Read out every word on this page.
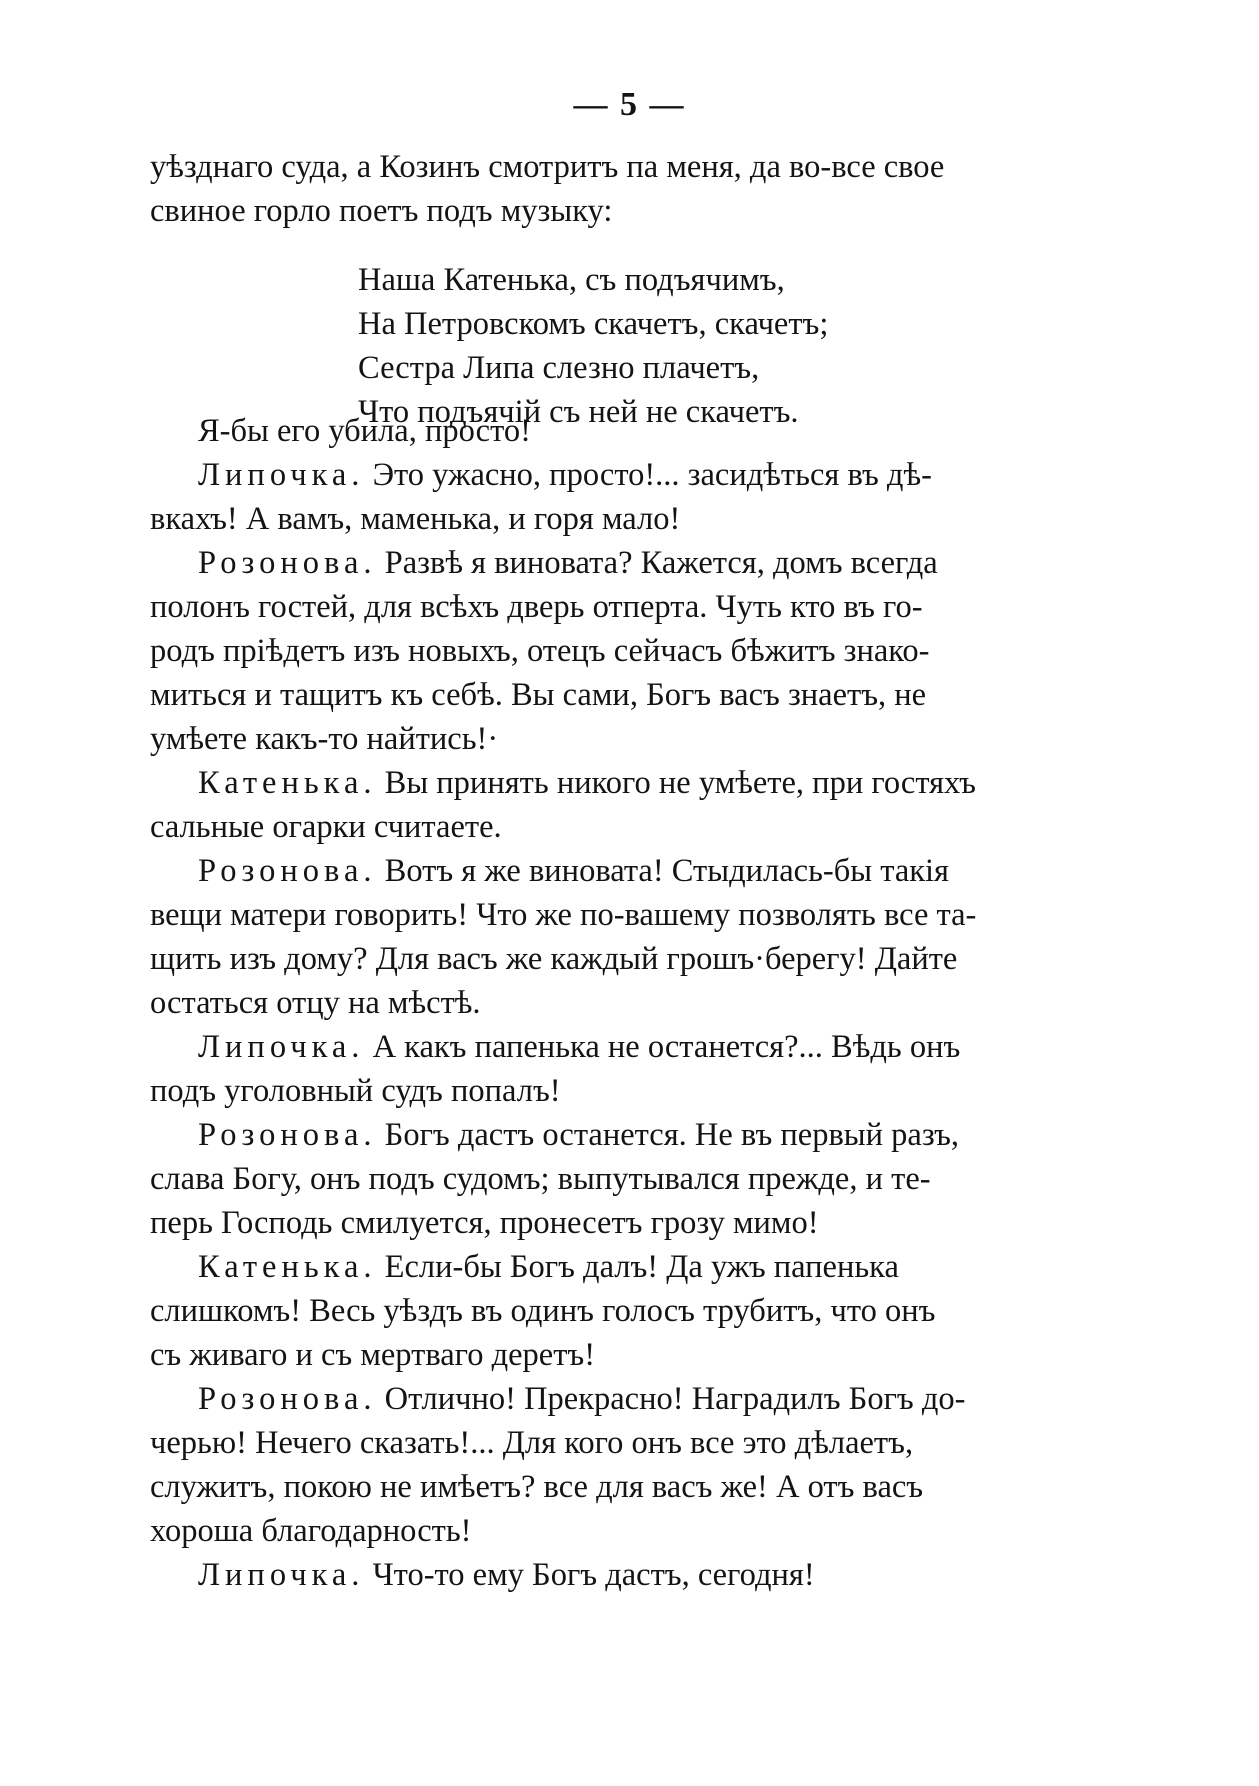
— 5 —

уѣзднаго суда, а Козинъ смотритъ па меня, да во-все свое

свиное горло поетъ подъ музыку:

Наша Катенька, съ подъячимъ,
На Петровскомъ скачетъ, скачетъ;
Сестра Липа слезно плачетъ,
Что подъячій съ ней не скачетъ.

Я-бы его убила, просто!

Липочка. Это ужасно, просто!... засидѣться въ дѣ-

вкахъ! А вамъ, маменька, и горя мало!

Розонова. Развѣ я виновата? Кажется, домъ всегда

полонъ гостей, для всѣхъ дверь отперта. Чуть кто въ го-

родъ пріѣдетъ изъ новыхъ, отецъ сейчасъ бѣжитъ знако-

миться и тащитъ къ себѣ. Вы сами, Богъ васъ знаетъ, не

умѣете какъ-то найтись!·

Катенька. Вы принять никого не умѣете, при гостяхъ

сальные огарки считаете.

Розонова. Вотъ я же виновата! Стыдилась-бы такія

вещи матери говорить! Что же по-вашему позволять все та-

щить изъ дому? Для васъ же каждый грошъ·берегу! Дайте

остаться отцу на мѣстѣ.

Липочка. А какъ папенька не останется?... Вѣдь онъ

подъ уголовный судъ попалъ!

Розонова. Богъ дастъ останется. Не въ первый разъ,

слава Богу, онъ подъ судомъ; выпутывался прежде, и те-

перь Господь смилуется, пронесетъ грозу мимо!

Катенька. Если-бы Богъ далъ! Да ужъ папенька

слишкомъ! Весь уѣздъ въ одинъ голосъ трубитъ, что онъ

съ живаго и съ мертваго деретъ!

Розонова. Отлично! Прекрасно! Наградилъ Богъ до-

черью! Нечего сказать!... Для кого онъ все это дѣлаетъ,

служитъ, покою не имѣетъ? все для васъ же! А отъ васъ

хороша благодарность!

Липочка. Что-то ему Богъ дастъ, сегодня!
